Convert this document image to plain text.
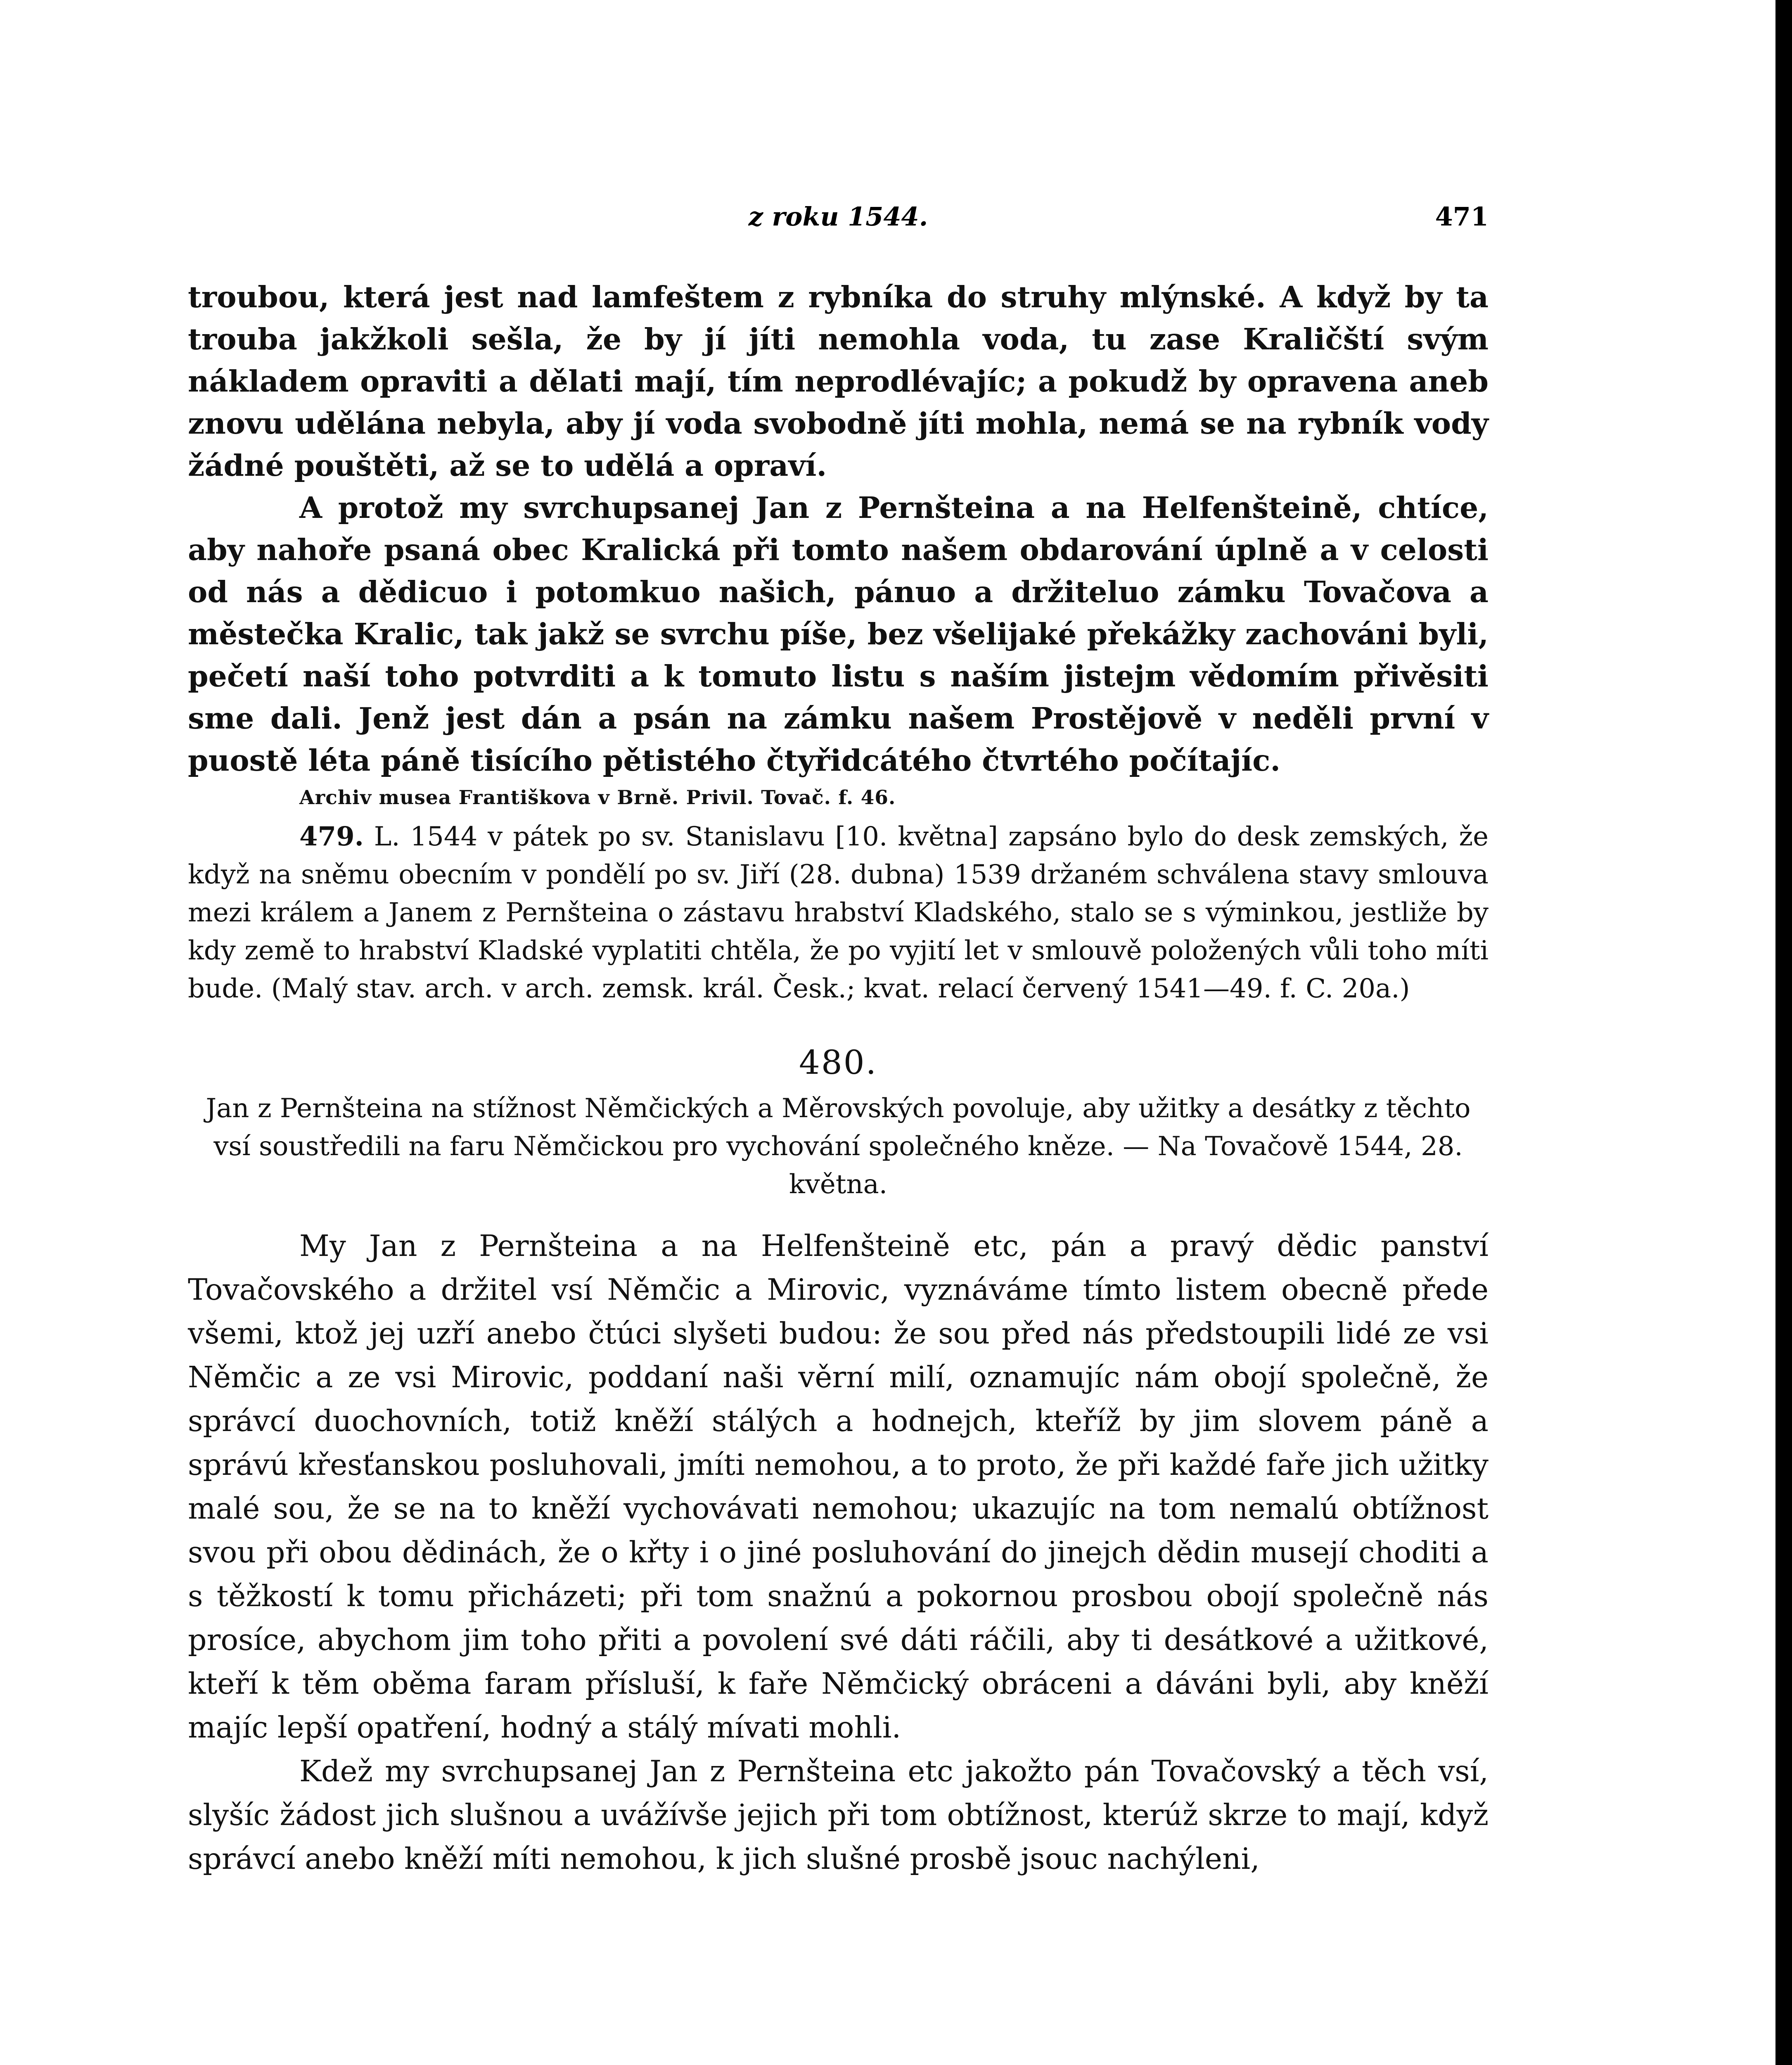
z roku 1544.	471

troubou, která jest nad lamfeštem z rybníka do struhy mlýnské. A když by ta trouba jakžkoli sešla, že by jí jíti nemohla voda, tu zase Kraličští svým nákladem opraviti a dělati mají, tím neprodlévajíc; a pokudž by opravena aneb znovu udělána nebyla, aby jí voda svobodně jíti mohla, nemá se na rybník vody žádné pouštěti, až se to udělá a opraví.

A protož my svrchupsanej Jan z Pernšteina a na Helfenšteině, chtíce, aby nahoře psaná obec Kralická při tomto našem obdarování úplně a v celosti od nás a dědicuo i potomkuo našich, pánuo a držiteluo zámku Tovačova a městečka Kralic, tak jakž se svrchu píše, bez všelijaké překážky zachováni byli, pečetí naší toho potvrditi a k tomuto listu s naším jistejm vědomím přivěsiti sme dali. Jenž jest dán a psán na zámku našem Prostějově v neděli první v puostě léta páně tisícího pětistého čtyřidcátého čtvrtého počítajíc.

Archiv musea Františkova v Brně. Privil. Tovač. f. 46.

479. L. 1544 v pátek po sv. Stanislavu [10. května] zapsáno bylo do desk zemských, že když na sněmu obecním v pondělí po sv. Jiří (28. dubna) 1539 držaném schválena stavy smlouva mezi králem a Janem z Pernšteina o zástavu hrabství Kladského, stalo se s výminkou, jestliže by kdy země to hrabství Kladské vyplatiti chtěla, že po vyjití let v smlouvě položených vůli toho míti bude. (Malý stav. arch. v arch. zemsk. král. Česk.; kvat. relací červený 1541—49. f. C. 20a.)

480.

Jan z Pernšteina na stížnost Němčických a Měrovských povoluje, aby užitky a desátky z těchto vsí soustředili na faru Němčickou pro vychování společného kněze. — Na Tovačově 1544, 28. května.

My Jan z Pernšteina a na Helfenšteině etc, pán a pravý dědic panství Tovačovského a držitel vsí Němčic a Mirovic, vyznáváme tímto listem obecně přede všemi, ktož jej uzří anebo čtúci slyšeti budou: že sou před nás předstoupili lidé ze vsi Němčic a ze vsi Mirovic, poddaní naši věrní milí, oznamujíc nám obojí společně, že správcí duochovních, totiž kněží stálých a hodnejch, kteříž by jim slovem páně a správú křesťanskou posluhovali, jmíti nemohou, a to proto, že při každé faře jich užitky malé sou, že se na to kněží vychovávati nemohou; ukazujíc na tom nemalú obtížnost svou při obou dědinách, že o křty i o jiné posluhování do jinejch dědin musejí choditi a s těžkostí k tomu přicházeti; při tom snažnú a pokornou prosbou obojí společně nás prosíce, abychom jim toho přiti a povolení své dáti ráčili, aby ti desátkové a užitkové, kteří k těm oběma faram přísluší, k faře Němčický obráceni a dáváni byli, aby kněží majíc lepší opatření, hodný a stálý mívati mohli.

Kdež my svrchupsanej Jan z Pernšteina etc jakožto pán Tovačovský a těch vsí, slyšíc žádost jich slušnou a uvážívše jejich při tom obtížnost, kterúž skrze to mají, když správcí anebo kněží míti nemohou, k jich slušné prosbě jsouc nachýleni,
